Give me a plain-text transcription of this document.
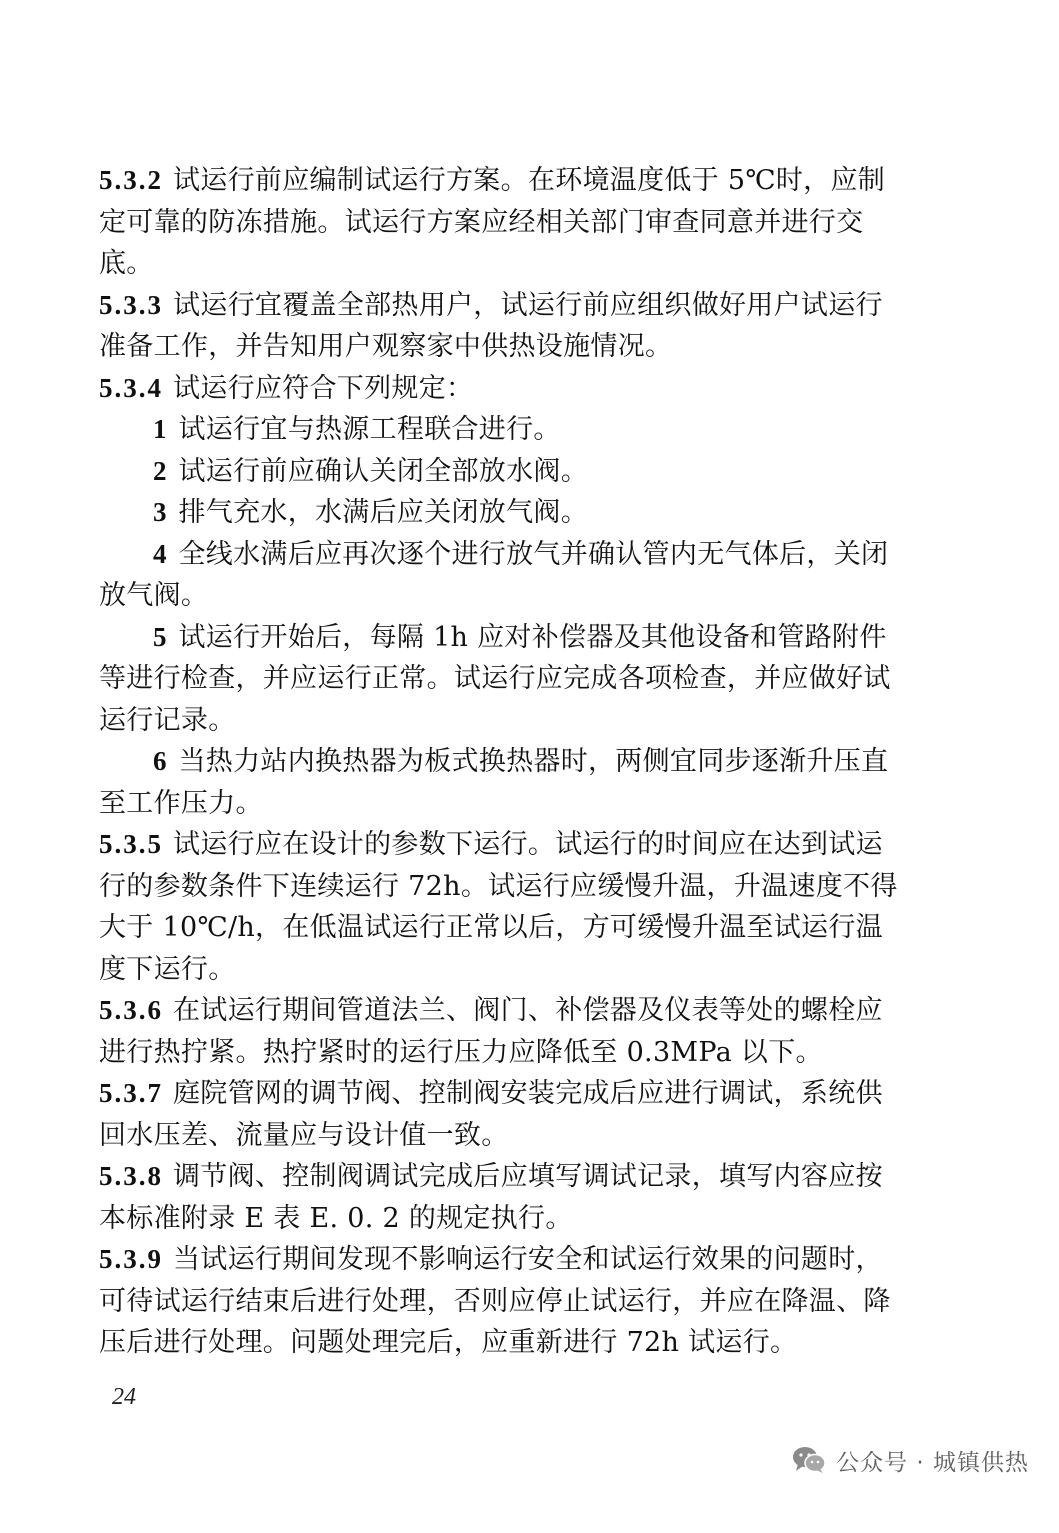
5.3.2 试运行前应编制试运行方案。在环境温度低于 5℃时，应制定可靠的防冻措施。试运行方案应经相关部门审查同意并进行交底。

5.3.3 试运行宜覆盖全部热用户，试运行前应组织做好用户试运行准备工作，并告知用户观察家中供热设施情况。

5.3.4 试运行应符合下列规定：

1 试运行宜与热源工程联合进行。

2 试运行前应确认关闭全部放水阀。

3 排气充水，水满后应关闭放气阀。

4 全线水满后应再次逐个进行放气并确认管内无气体后，关闭放气阀。

5 试运行开始后，每隔 1h 应对补偿器及其他设备和管路附件等进行检查，并应运行正常。试运行应完成各项检查，并应做好试运行记录。

6 当热力站内换热器为板式换热器时，两侧宜同步逐渐升压直至工作压力。

5.3.5 试运行应在设计的参数下运行。试运行的时间应在达到试运行的参数条件下连续运行 72h。试运行应缓慢升温，升温速度不得大于 10℃/h，在低温试运行正常以后，方可缓慢升温至试运行温度下运行。

5.3.6 在试运行期间管道法兰、阀门、补偿器及仪表等处的螺栓应进行热拧紧。热拧紧时的运行压力应降低至 0.3MPa 以下。

5.3.7 庭院管网的调节阀、控制阀安装完成后应进行调试，系统供回水压差、流量应与设计值一致。

5.3.8 调节阀、控制阀调试完成后应填写调试记录，填写内容应按本标准附录 E 表 E. 0. 2 的规定执行。

5.3.9 当试运行期间发现不影响运行安全和试运行效果的问题时，可待试运行结束后进行处理，否则应停止试运行，并应在降温、降压后进行处理。问题处理完后，应重新进行 72h 试运行。

24
公众号 · 城镇供热
